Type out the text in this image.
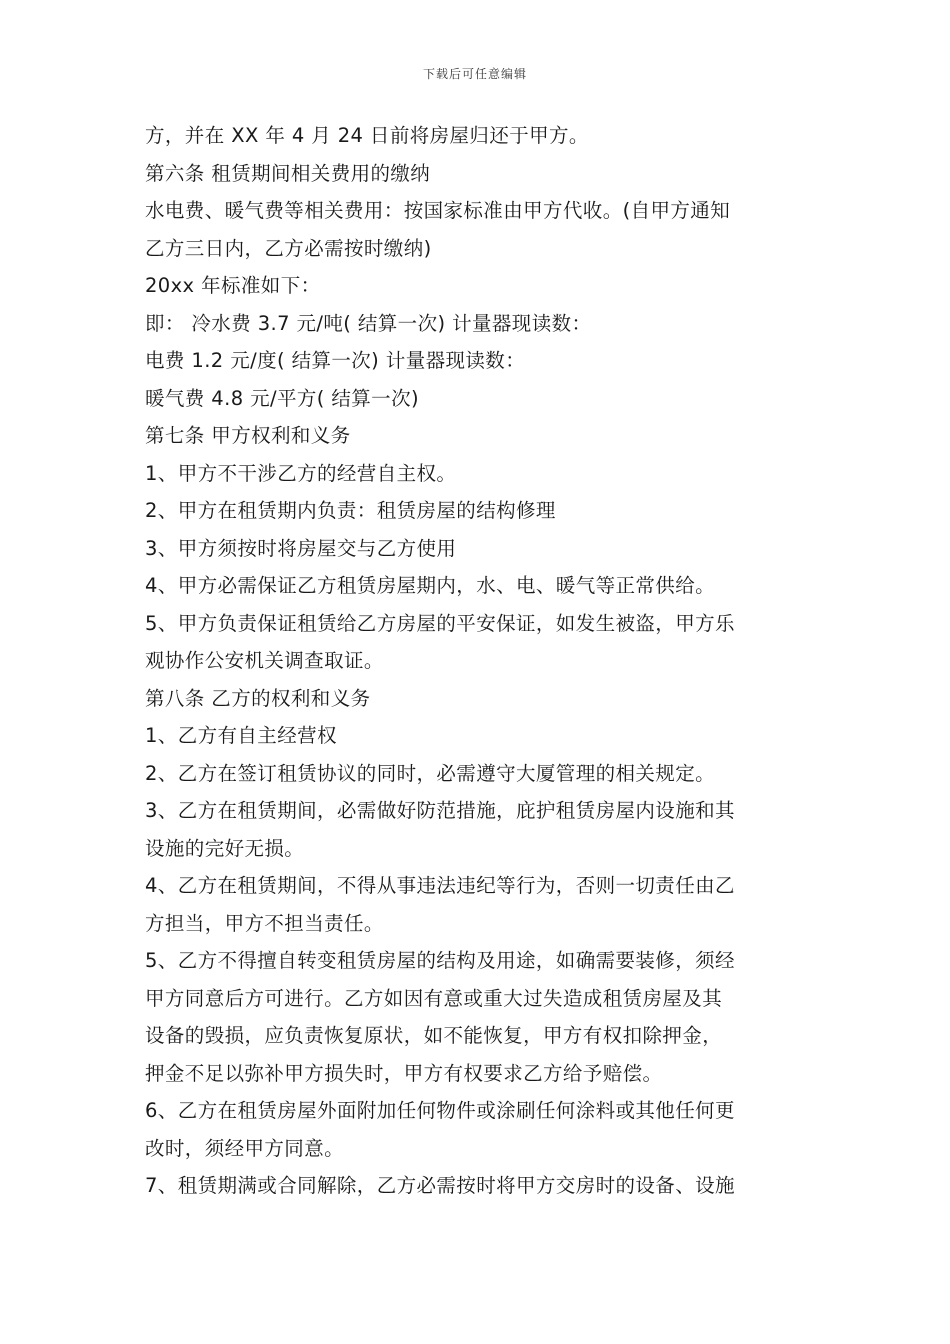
下载后可任意编辑
方，并在 XX 年 4 月 24 日前将房屋归还于甲方。
第六条 租赁期间相关费用的缴纳
水电费、暖气费等相关费用：按国家标准由甲方代收。(自甲方通知
乙方三日内，乙方必需按时缴纳)
20xx 年标准如下：
即： 冷水费 3.7 元/吨( 结算一次) 计量器现读数：
电费 1.2 元/度( 结算一次) 计量器现读数：
暖气费 4.8 元/平方( 结算一次)
第七条 甲方权利和义务
1、甲方不干涉乙方的经营自主权。
2、甲方在租赁期内负责：租赁房屋的结构修理
3、甲方须按时将房屋交与乙方使用
4、甲方必需保证乙方租赁房屋期内，水、电、暖气等正常供给。
5、甲方负责保证租赁给乙方房屋的平安保证，如发生被盗，甲方乐
观协作公安机关调查取证。
第八条 乙方的权利和义务
1、乙方有自主经营权
2、乙方在签订租赁协议的同时，必需遵守大厦管理的相关规定。
3、乙方在租赁期间，必需做好防范措施，庇护租赁房屋内设施和其
设施的完好无损。
4、乙方在租赁期间，不得从事违法违纪等行为，否则一切责任由乙
方担当，甲方不担当责任。
5、乙方不得擅自转变租赁房屋的结构及用途，如确需要装修，须经
甲方同意后方可进行。乙方如因有意或重大过失造成租赁房屋及其
设备的毁损，应负责恢复原状，如不能恢复，甲方有权扣除押金，
押金不足以弥补甲方损失时，甲方有权要求乙方给予赔偿。
6、乙方在租赁房屋外面附加任何物件或涂刷任何涂料或其他任何更
改时，须经甲方同意。
7、租赁期满或合同解除，乙方必需按时将甲方交房时的设备、设施
